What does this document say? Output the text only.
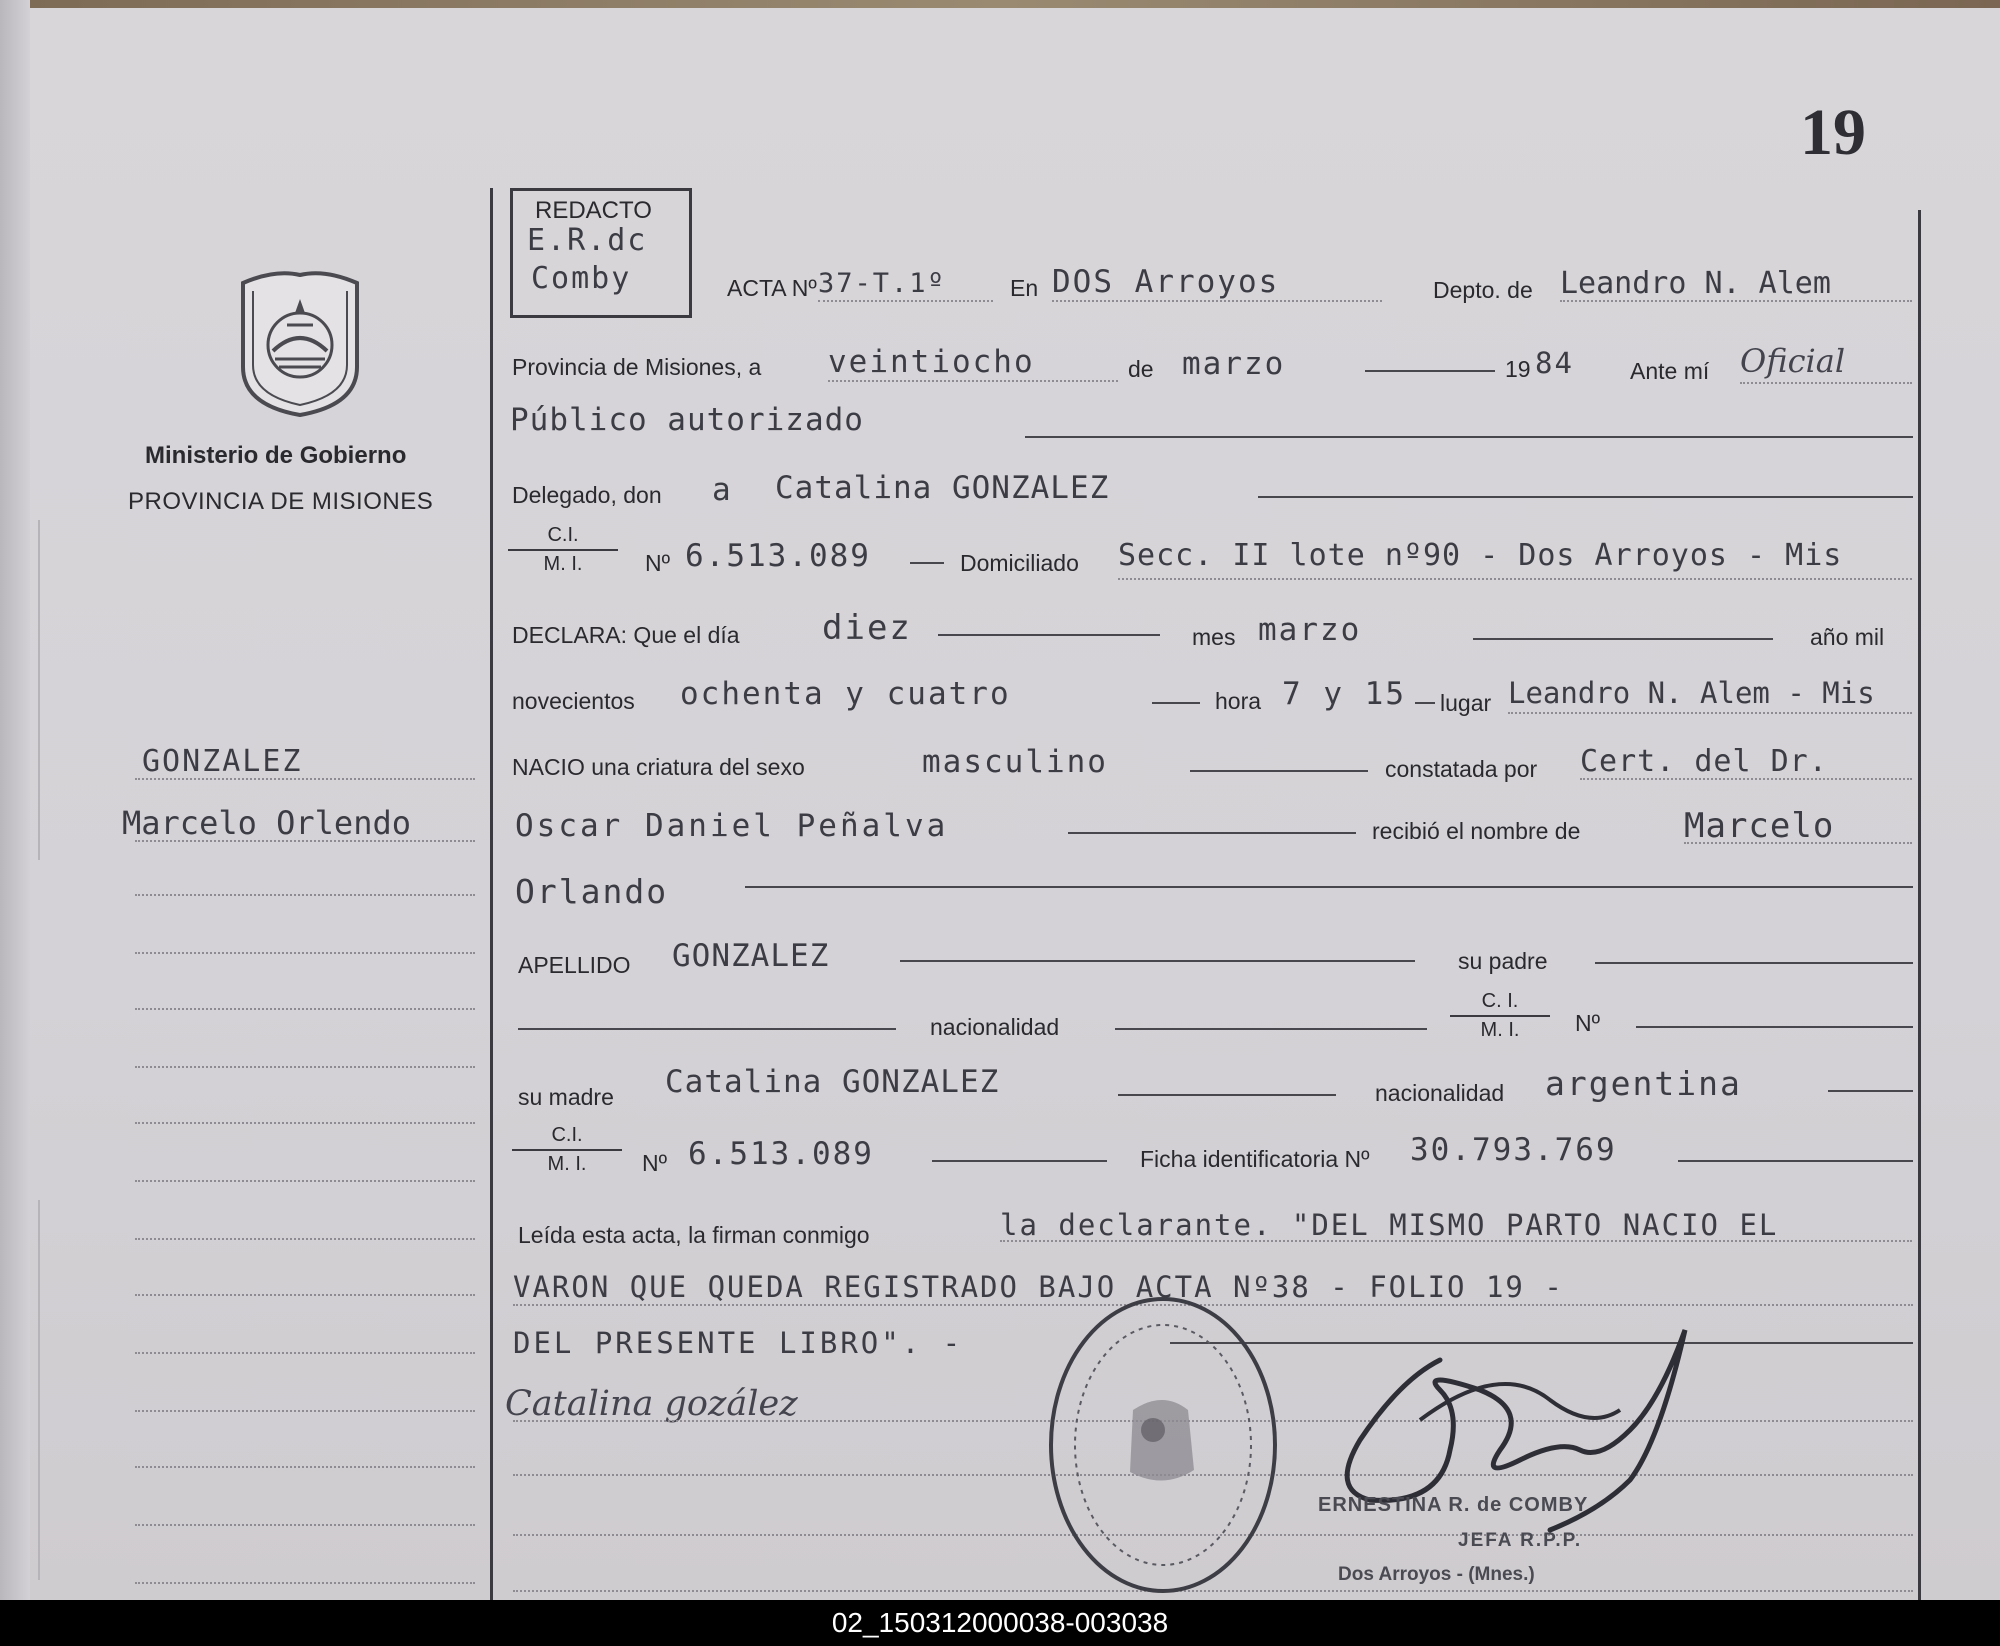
19
Ministerio de Gobierno
PROVINCIA DE MISIONES
GONZALEZ
Marcelo Orlendo
REDACTO
E.R.dc
Comby	ACTA Nº 37-T.1º	En DOS Arroyos	Depto. de Leandro N. Alem
Provincia de Misiones, a veintiocho	de marzo	19 84 Ante mí Oficial
Público autorizado
Delegado, don a Catalina GONZALEZ
C.I.
M. I.	Nº 6.513.089	Domiciliado Secc. II lote nº90 - Dos Arroyos - Mis
DECLARA: Que el día diez	mes marzo	año mil
novecientos ochenta y cuatro	hora 7 y 15 lugar Leandro N. Alem - Mis
NACIO una criatura del sexo	masculino	constatada por Cert. del Dr.
Oscar Daniel Peñalva	recibió el nombre de	Marcelo
Orlando
APELLIDO GONZALEZ	su padre
nacionalidad
C. I.
M. I.	Nº
su madre Catalina GONZALEZ	nacionalidad argentina
C.I.
M. I.	Nº 6.513.089	Ficha identificatoria Nº 30.793.769
Leída esta acta, la firman conmigo	la declarante. "DEL MISMO PARTO NACIO EL
VARON QUE QUEDA REGISTRADO BAJO ACTA Nº38 - FOLIO 19 -
DEL PRESENTE LIBRO". -
Catalina gozález
ERNESTINA R. de COMBY
JEFA R.P.P.
Dos Arroyos - (Mnes.)
02_150312000038-003038
